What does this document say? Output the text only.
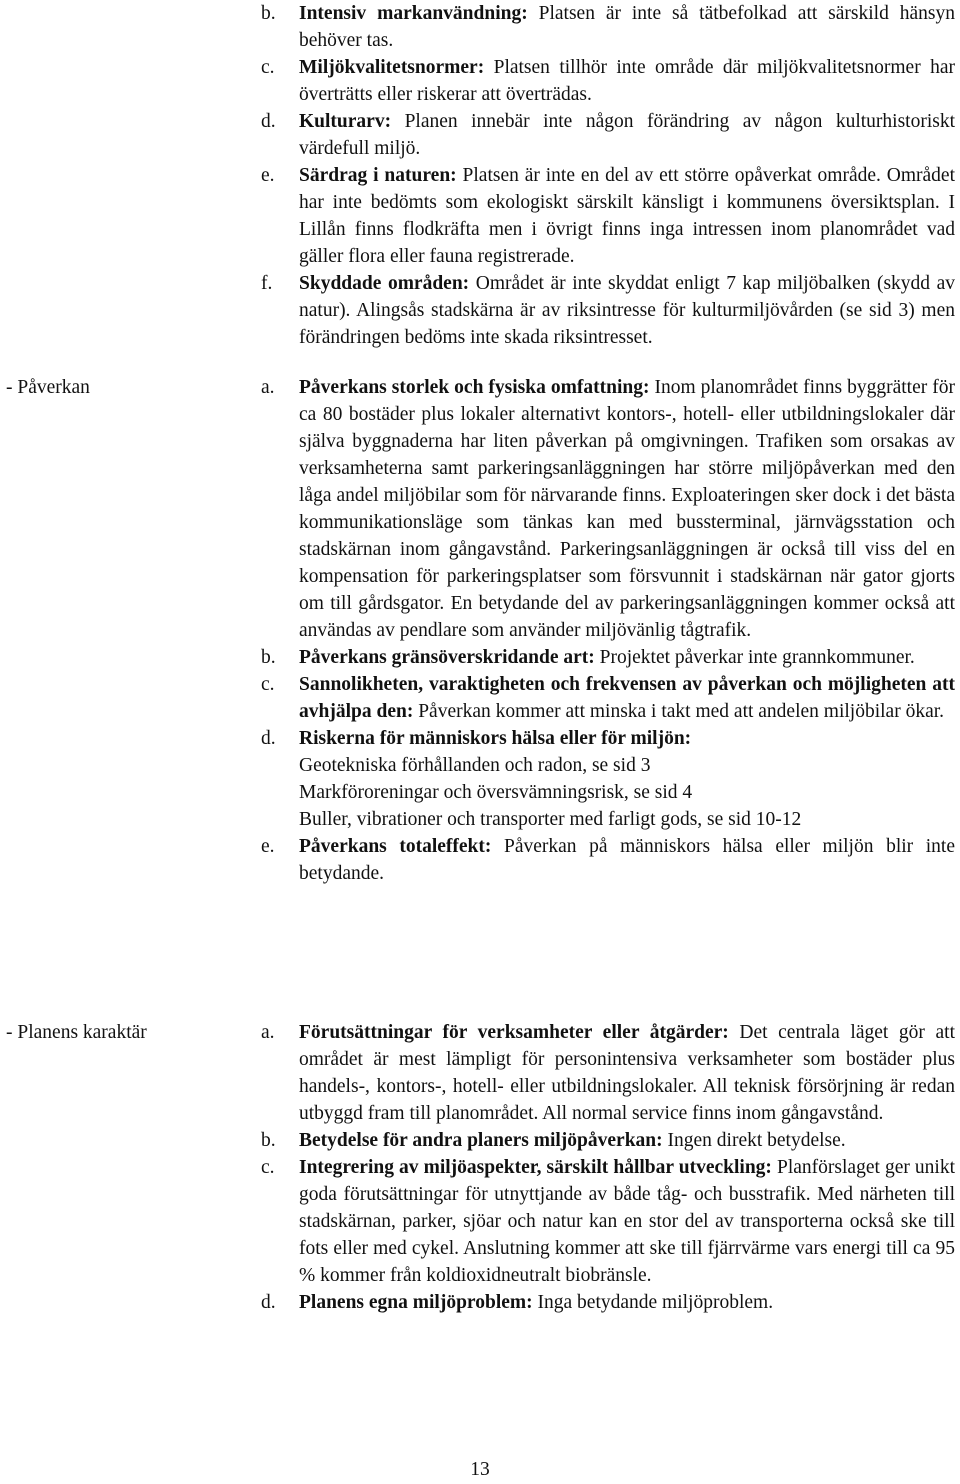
b. Intensiv markanvändning: Platsen är inte så tätbefolkad att särskild hänsyn behöver tas.
c. Miljökvalitetsnormer: Platsen tillhör inte område där miljökvalitetsnormer har överträtts eller riskerar att överträdas.
d. Kulturarv: Planen innebär inte någon förändring av någon kulturhistoriskt värdefull miljö.
e. Särdrag i naturen: Platsen är inte en del av ett större opåverkat område. Området har inte bedömts som ekologiskt särskilt känsligt i kommunens översiktsplan. I Lillån finns flodkräfta men i övrigt finns inga intressen inom planområdet vad gäller flora eller fauna registrerade.
f. Skyddade områden: Området är inte skyddat enligt 7 kap miljöbalken (skydd av natur). Alingsås stadskärna är av riksintresse för kulturmiljövården (se sid 3) men förändringen bedöms inte skada riksintresset.
- Påverkan	a. Påverkans storlek och fysiska omfattning: Inom planområdet finns byggrätter för ca 80 bostäder plus lokaler alternativt kontors-, hotell- eller utbildningslokaler där själva byggnaderna har liten påverkan på omgivningen. Trafiken som orsakas av verksamheterna samt parkeringsanläggningen har större miljöpåverkan med den låga andel miljöbilar som för närvarande finns. Exploateringen sker dock i det bästa kommunikationsläge som tänkas kan med bussterminal, järnvägsstation och stadskärnan inom gångavstånd. Parkeringsanläggningen är också till viss del en kompensation för parkeringsplatser som försvunnit i stadskärnan när gator gjorts om till gårdsgator. En betydande del av parkeringsanläggningen kommer också att användas av pendlare som använder miljövänlig tågtrafik.
b. Påverkans gränsöverskridande art: Projektet påverkar inte grannkommuner.
c. Sannolikheten, varaktigheten och frekvensen av påverkan och möjligheten att avhjälpa den: Påverkan kommer att minska i takt med att andelen miljöbilar ökar.
d. Riskerna för människors hälsa eller för miljön:
Geotekniska förhållanden och radon, se sid 3
Markföroreningar och översvämningsrisk, se sid 4
Buller, vibrationer och transporter med farligt gods, se sid 10-12
e. Påverkans totaleffekt: Påverkan på människors hälsa eller miljön blir inte betydande.
- Planens karaktär	a. Förutsättningar för verksamheter eller åtgärder: Det centrala läget gör att området är mest lämpligt för personintensiva verksamheter som bostäder plus handels-, kontors-, hotell- eller utbildningslokaler. All teknisk försörjning är redan utbyggd fram till planområdet. All normal service finns inom gångavstånd.
b. Betydelse för andra planers miljöpåverkan: Ingen direkt betydelse.
c. Integrering av miljöaspekter, särskilt hållbar utveckling: Planförslaget ger unikt goda förutsättningar för utnyttjande av både tåg- och busstrafik. Med närheten till stadskärnan, parker, sjöar och natur kan en stor del av transporterna också ske till fots eller med cykel. Anslutning kommer att ske till fjärrvärme vars energi till ca 95 % kommer från koldioxidneutralt biobränsle.
d. Planens egna miljöproblem: Inga betydande miljöproblem.
13
